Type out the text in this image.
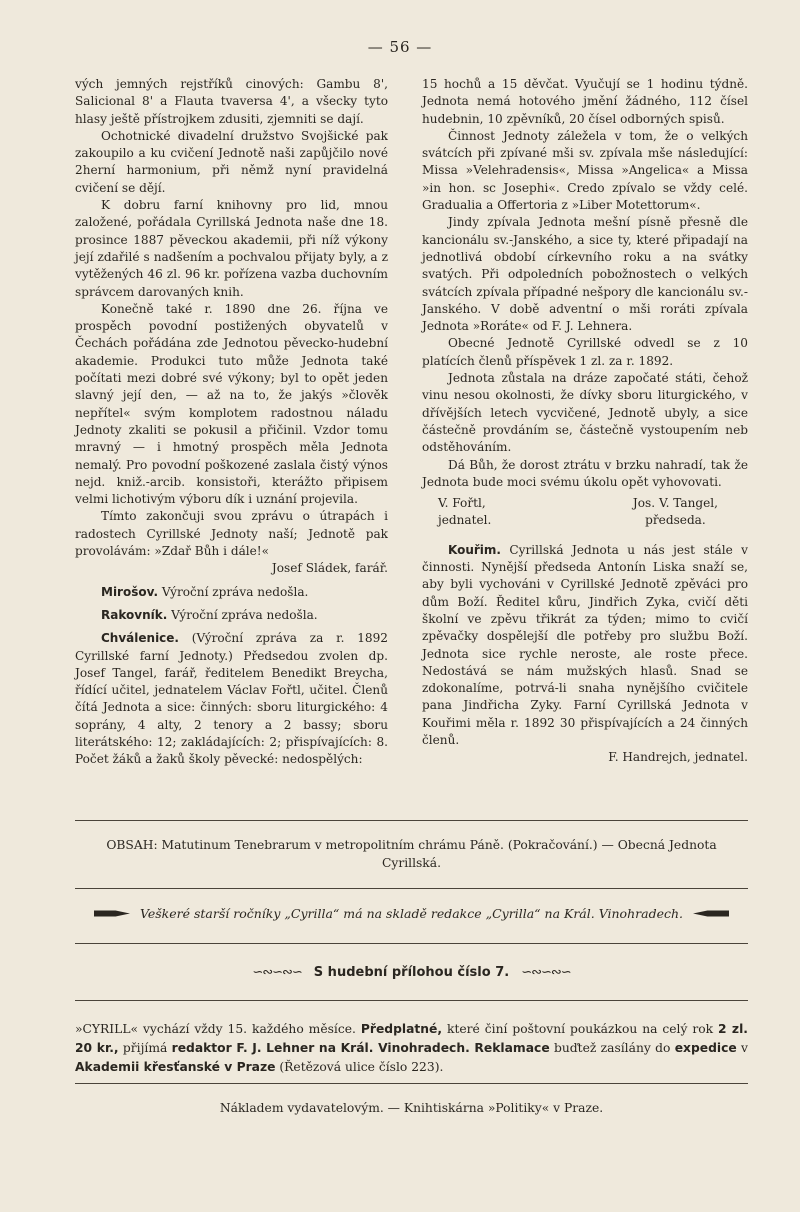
— 56 —

vých jemných rejstříků cinových: Gambu 8', Salicional 8' a Flauta tvaversa 4', a všecky tyto hlasy ještě přístrojkem zdusiti, zjemniti se dají.

Ochotnické divadelní družstvo Svojšické pak zakoupilo a ku cvičení Jednotě naši zapůjčilo nové 2herní harmonium, při němž nyní pravidelná cvičení se dějí.

K dobru farní knihovny pro lid, mnou založené, pořádala Cyrillská Jednota naše dne 18. prosince 1887 pěveckou akademii, při níž výkony její zdařilé s nadšením a pochvalou přijaty byly, a z vytěžených 46 zl. 96 kr. pořízena vazba duchovním správcem darovaných knih.

Konečně také r. 1890 dne 26. října ve prospěch povodní postižených obyvatelů v Čechách pořádána zde Jednotou pěvecko-hudební akademie. Produkci tuto může Jednota také počítati mezi dobré své výkony; byl to opět jeden slavný její den, — až na to, že jakýs »člověk nepřítel« svým komplotem radostnou náladu Jednoty zkaliti se pokusil a přičinil. Vzdor tomu mravný — i hmotný prospěch měla Jednota nemalý. Pro povodní poškozené zaslala čistý výnos nejd. kniž.-arcib. konsistoři, kterážto připisem velmi lichotivým výboru dík i uznání projevila.

Tímto zakončuji svou zprávu o útrapách i radostech Cyrillské Jednoty naší; Jednotě pak provolávám: »Zdař Bůh i dále!«

Josef Sládek, farář.

Mirošov. Výroční zpráva nedošla.

Rakovník. Výroční zpráva nedošla.

Chválenice. (Výroční zpráva za r. 1892 Cyrillské farní Jednoty.) Předsedou zvolen dp. Josef Tangel, farář, ředitelem Benedikt Breycha, řídící učitel, jednatelem Václav Fořtl, učitel. Členů čítá Jednota a sice: činných: sboru liturgického: 4 soprány, 4 alty, 2 tenory a 2 bassy; sboru literátského: 12; zakládajících: 2; přispívajících: 8. Počet žáků a žaků školy pěvecké: nedospělých:

15 hochů a 15 děvčat. Vyučují se 1 hodinu týdně. Jednota nemá hotového jmění žádného, 112 čísel hudebnin, 10 zpěvníků, 20 čísel odborných spisů.

Činnost Jednoty záležela v tom, že o velkých svátcích při zpívané mši sv. zpívala mše následující: Missa »Velehradensis«, Missa »Angelica« a Missa »in hon. sc Josephi«. Credo zpívalo se vždy celé. Gradualia a Offertoria z »Liber Motettorum«.

Jindy zpívala Jednota mešní písně přesně dle kancionálu sv.-Janského, a sice ty, které připadají na jednotlivá období církevního roku a na svátky svatých. Při odpoledních pobožnostech o velkých svátcích zpívala případné nešpory dle kancionálu sv.-Janského. V době adventní o mši roráti zpívala Jednota »Roráte« od F. J. Lehnera.

Obecné Jednotě Cyrillské odvedl se z 10 platících členů příspěvek 1 zl. za r. 1892.

Jednota zůstala na dráze započaté státi, čehož vinu nesou okolnosti, že dívky sboru liturgického, v dřívějších letech vycvičené, Jednotě ubyly, a sice částečně provdáním se, částečně vystoupením neb odstěhováním.

Dá Bůh, že dorost ztrátu v brzku nahradí, tak že Jednota bude moci svému úkolu opět vyhovovati.

V. Fořtl,
jednatel.
Jos. V. Tangel,
předseda.

Kouřim. Cyrillská Jednota u nás jest stále v činnosti. Nynější předseda Antonín Liska snaží se, aby byli vychováni v Cyrillské Jednotě zpěváci pro dům Boží. Ředitel kůru, Jindřich Zyka, cvičí děti školní ve zpěvu třikrát za týden; mimo to cvičí zpěvačky dospělejší dle potřeby pro službu Boží. Jednota sice rychle neroste, ale roste přece. Nedostává se nám mužských hlasů. Snad se zdokonalíme, potrvá-li snaha nynějšího cvičitele pana Jindřicha Zyky. Farní Cyrillská Jednota v Kouřimi měla r. 1892 30 přispívajících a 24 činných členů.

F. Handrejch, jednatel.

OBSAH: Matutinum Tenebrarum v metropolitním chrámu Páně. (Pokračování.) — Obecná Jednota Cyrillská.
Veškeré starší ročníky „Cyrilla“ má na skladě redakce „Cyrilla“ na Král. Vinohradech.
∽∾∽∾∽ S hudební přílohou číslo 7. ∽∾∽∾∽
»CYRILL« vychází vždy 15. každého měsíce. Předplatné, které činí poštovní poukázkou na celý rok 2 zl. 20 kr., přijímá redaktor F. J. Lehner na Král. Vinohradech. Reklamace buďtež zasílány do expedice v Akademii křesťanské v Praze (Řetězová ulice číslo 223).
Nákladem vydavatelovým. — Knihtiskárna »Politiky« v Praze.
